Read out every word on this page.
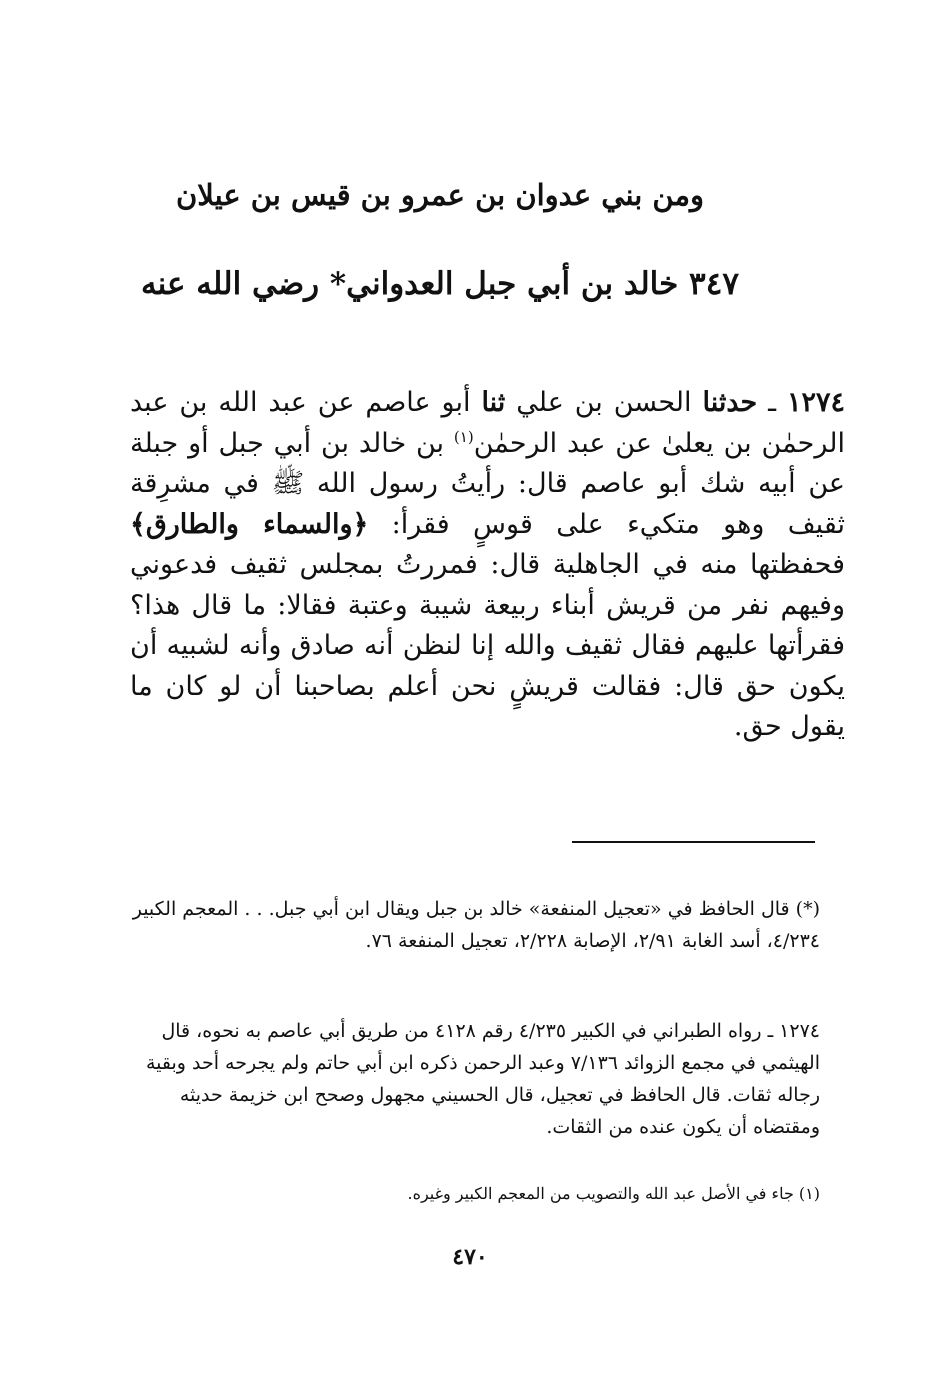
ومن بني عدوان بن عمرو بن قيس بن عيلان
٣٤٧ خالد بن أبي جبل العدواني* رضي الله عنه

١٢٧٤ ـ حدثنا الحسن بن علي ثنا أبو عاصم عن عبد الله بن عبد الرحمٰن بن يعلىٰ عن عبد الرحمٰن$^{(١)}$ بن خالد بن أبي جبل أو جبلة عن أبيه شك أبو عاصم قال: رأيتُ رسول الله ﷺ في مشرِقة ثقيف وهو متكيء على قوسٍ فقرأ: ﴿والسماء والطارق﴾ فحفظتها منه في الجاهلية قال: فمررتُ بمجلس ثقيف فدعوني وفيهم نفر من قريش أبناء ربيعة شيبة وعتبة فقالا: ما قال هذا؟ فقرأتها عليهم فقال ثقيف والله إنا لنظن أنه صادق وأنه لشبيه أن يكون حق قال: فقالت قريشٍ نحن أعلم بصاحبنا أن لو كان ما يقول حق.

(*) قال الحافظ في «تعجيل المنفعة» خالد بن جبل ويقال ابن أبي جبل. . . المعجم الكبير ٤/٢٣٤، أسد الغابة ٢/٩١، الإصابة ٢/٢٢٨، تعجيل المنفعة ٧٦.

١٢٧٤ ـ رواه الطبراني في الكبير ٤/٢٣٥ رقم ٤١٢٨ من طريق أبي عاصم به نحوه، قال الهيثمي في مجمع الزوائد ٧/١٣٦ وعبد الرحمن ذكره ابن أبي حاتم ولم يجرحه أحد وبقية رجاله ثقات. قال الحافظ في تعجيل، قال الحسيني مجهول وصحح ابن خزيمة حديثه ومقتضاه أن يكون عنده من الثقات.

(١) جاء في الأصل عبد الله والتصويب من المعجم الكبير وغيره.

٤٧٠
